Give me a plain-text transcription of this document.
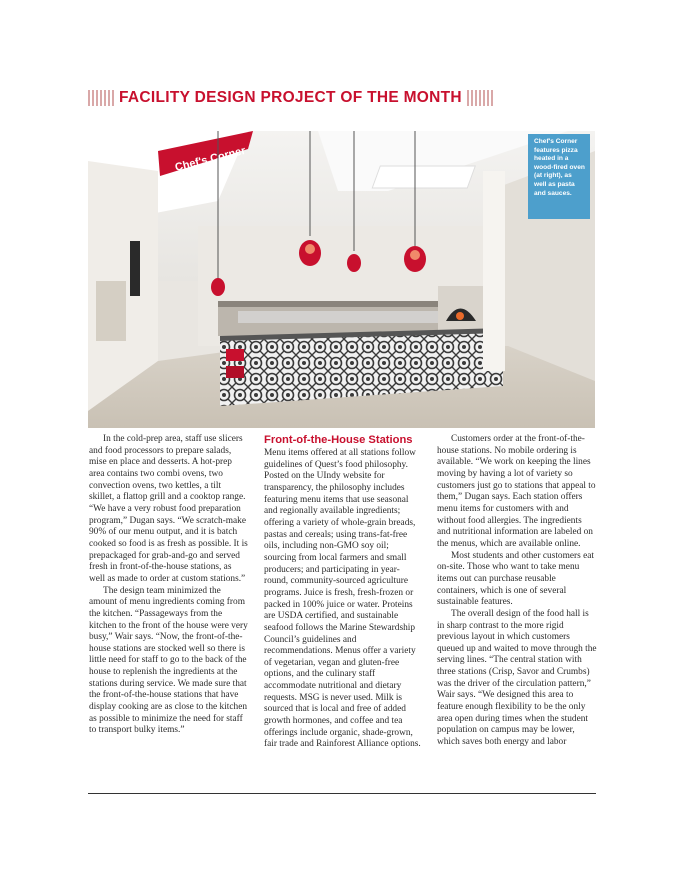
FACILITY DESIGN PROJECT OF THE MONTH
Chef's Corner
Chef's Corner features pizza heated in a wood-fired oven (at right), as well as pasta and sauces.

In the cold-prep area, staff use slicers and food processors to prepare salads, mise en place and desserts. A hot-prep area contains two combi ovens, two convection ovens, two kettles, a tilt skillet, a flattop grill and a cooktop range. “We have a very robust food preparation program,” Dugan says. “We scratch-make 90% of our menu output, and it is batch cooked so food is as fresh as possible. It is prepackaged for grab-and-go and served fresh in front-of-the-house stations, as well as made to order at custom stations.”

The design team minimized the amount of menu ingredients coming from the kitchen. “Passageways from the kitchen to the front of the house were very busy,” Wair says. “Now, the front-of-the-house stations are stocked well so there is little need for staff to go to the back of the house to replenish the ingredients at the stations during service. We made sure that the front-of-the-house stations that have display cooking are as close to the kitchen as possible to minimize the need for staff to transport bulky items.”

Front-of-the-House Stations

Menu items offered at all stations follow guidelines of Quest’s food philosophy. Posted on the UIndy website for transparency, the philosophy includes featuring menu items that use seasonal and regionally available ingredients; offering a variety of whole-grain breads, pastas and cereals; using trans-fat-free oils, including non-GMO soy oil; sourcing from local farmers and small producers; and participating in year-round, community-sourced agriculture programs. Juice is fresh, fresh-frozen or packed in 100% juice or water. Proteins are USDA certified, and sustainable seafood follows the Marine Stewardship Council’s guidelines and recommendations. Menus offer a variety of vegetarian, vegan and gluten-free options, and the culinary staff accommodate nutritional and dietary requests. MSG is never used. Milk is sourced that is local and free of added growth hormones, and coffee and tea offerings include organic, shade-grown, fair trade and Rainforest Alliance options.

Customers order at the front-of-the-house stations. No mobile ordering is available. “We work on keeping the lines moving by having a lot of variety so customers just go to stations that appeal to them,” Dugan says. Each station offers menu items for customers with and without food allergies. The ingredients and nutritional information are labeled on the menus, which are available online.

Most students and other customers eat on-site. Those who want to take menu items out can purchase reusable containers, which is one of several sustainable features.

The overall design of the food hall is in sharp contrast to the more rigid previous layout in which customers queued up and waited to move through the serving lines. “The central station with three stations (Crisp, Savor and Crumbs) was the driver of the circulation pattern,” Wair says. “We designed this area to feature enough flexibility to be the only area open during times when the student population on campus may be lower, which saves both energy and labor
